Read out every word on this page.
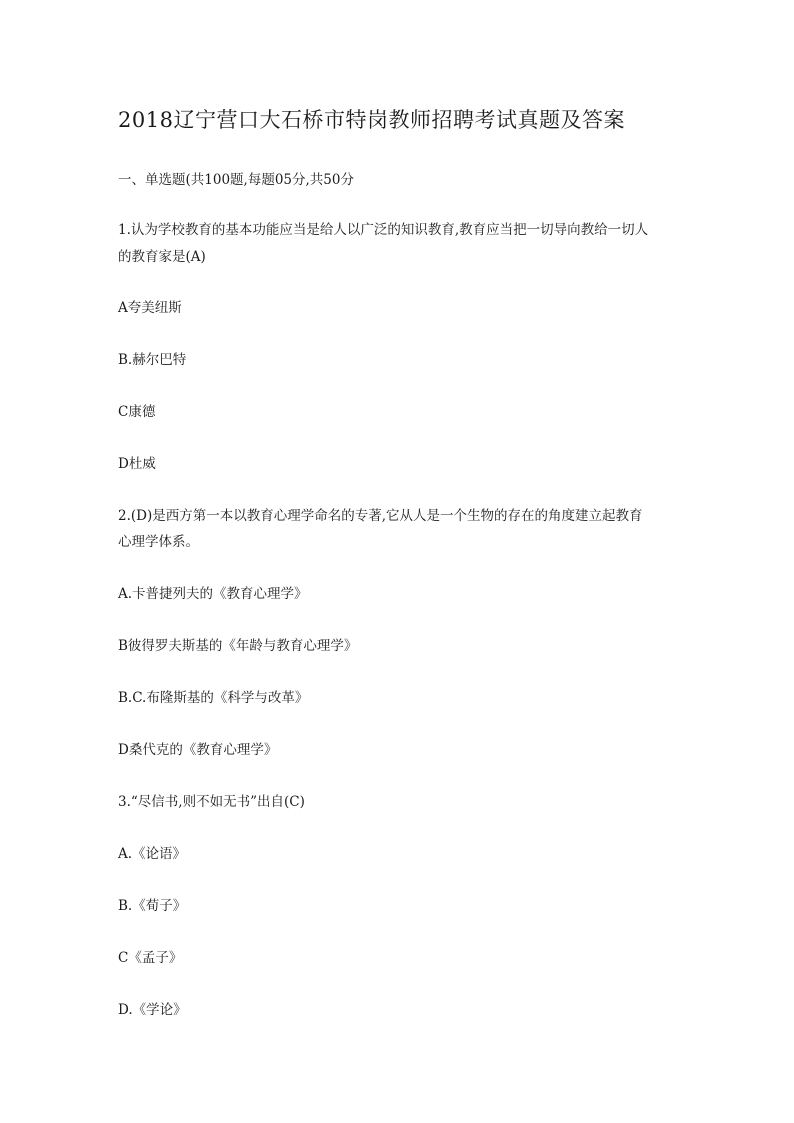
2018辽宁营口大石桥市特岗教师招聘考试真题及答案
一、单选题(共100题,每题05分,共50分
1.认为学校教育的基本功能应当是给人以广泛的知识教育,教育应当把一切导向教给一切人
的教育家是(A)
A夸美纽斯
B.赫尔巴特
C康德
D杜威
2.(D)是西方第一本以教育心理学命名的专著,它从人是一个生物的存在的角度建立起教育
心理学体系。
A.卡普捷列夫的《教育心理学》
B彼得罗夫斯基的《年龄与教育心理学》
B.C.布隆斯基的《科学与改革》
D桑代克的《教育心理学》
3.“尽信书,则不如无书”出自(C)
A.《论语》
B.《荀子》
C《孟子》
D.《学论》
